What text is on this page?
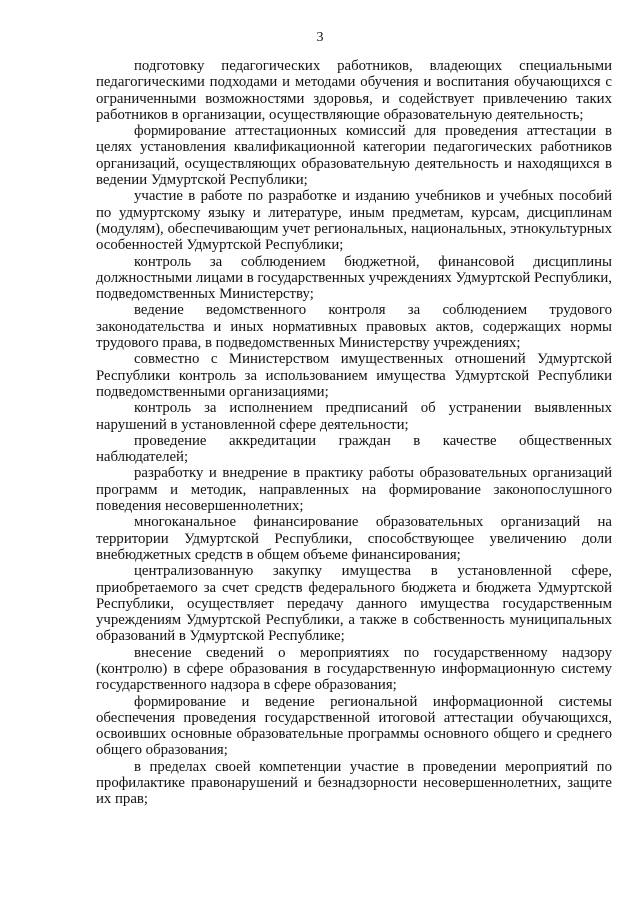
3

подготовку педагогических работников, владеющих специальными педагогическими подходами и методами обучения и воспитания обучающихся с ограниченными возможностями здоровья, и содействует привлечению таких работников в организации, осуществляющие образовательную деятельность;

формирование аттестационных комиссий для проведения аттестации в целях установления квалификационной категории педагогических работников организаций, осуществляющих образовательную деятельность и находящихся в ведении Удмуртской Республики;

участие в работе по разработке и изданию учебников и учебных пособий по удмуртскому языку и литературе, иным предметам, курсам, дисциплинам (модулям), обеспечивающим учет региональных, национальных, этнокультурных особенностей Удмуртской Республики;

контроль за соблюдением бюджетной, финансовой дисциплины должностными лицами в государственных учреждениях Удмуртской Республики, подведомственных Министерству;

ведение ведомственного контроля за соблюдением трудового законодательства и иных нормативных правовых актов, содержащих нормы трудового права, в подведомственных Министерству учреждениях;

совместно с Министерством имущественных отношений Удмуртской Республики контроль за использованием имущества Удмуртской Республики подведомственными организациями;

контроль за исполнением предписаний об устранении выявленных нарушений в установленной сфере деятельности;

проведение аккредитации граждан в качестве общественных наблюдателей;

разработку и внедрение в практику работы образовательных организаций программ и методик, направленных на формирование законопослушного поведения несовершеннолетних;

многоканальное финансирование образовательных организаций на территории Удмуртской Республики, способствующее увеличению доли внебюджетных средств в общем объеме финансирования;

централизованную закупку имущества в установленной сфере, приобретаемого за счет средств федерального бюджета и бюджета Удмуртской Республики, осуществляет передачу данного имущества государственным учреждениям Удмуртской Республики, а также в собственность муниципальных образований в Удмуртской Республике;

внесение сведений о мероприятиях по государственному надзору (контролю) в сфере образования в государственную информационную систему государственного надзора в сфере образования;

формирование и ведение региональной информационной системы обеспечения проведения государственной итоговой аттестации обучающихся, освоивших основные образовательные программы основного общего и среднего общего образования;

в пределах своей компетенции участие в проведении мероприятий по профилактике правонарушений и безнадзорности несовершеннолетних, защите их прав;
